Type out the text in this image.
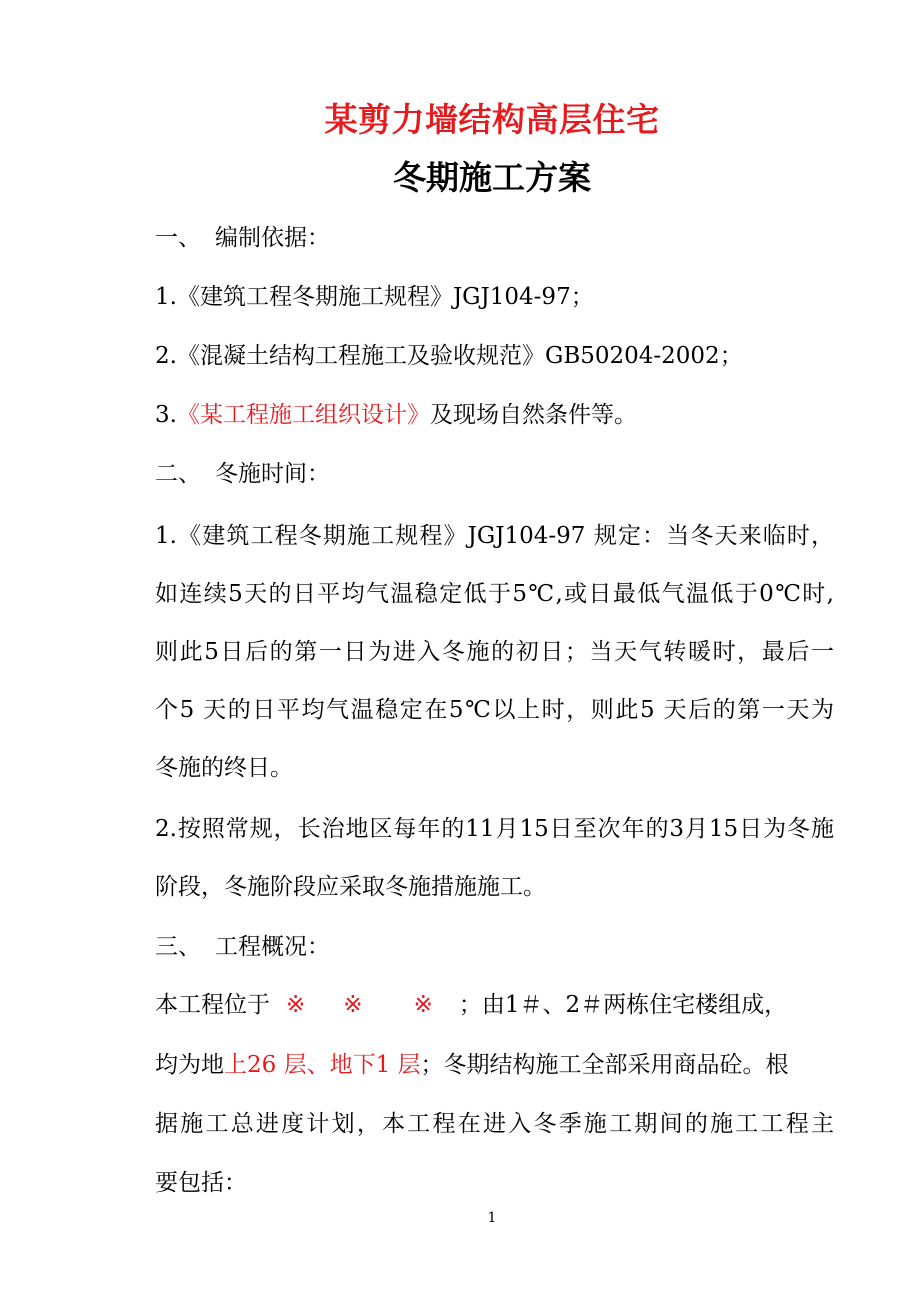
某剪力墙结构高层住宅
冬期施工方案
一、 编制依据：
1.《建筑工程冬期施工规程》JGJ104-97；
2.《混凝土结构工程施工及验收规范》GB50204-2002；
3.《某工程施工组织设计》及现场自然条件等。
二、 冬施时间：
1.《建筑工程冬期施工规程》JGJ104-97 规定：当冬天来临时，
如连续5天的日平均气温稳定低于5℃,或日最低气温低于0℃时,
则此5日后的第一日为进入冬施的初日；当天气转暖时，最后一
个5 天的日平均气温稳定在5℃以上时，则此5 天后的第一天为
冬施的终日。
2.按照常规，长治地区每年的11月15日至次年的3月15日为冬施
阶段，冬施阶段应采取冬施措施施工。
三、 工程概况：
本工程位于 ※ ※ ※ ；由1＃、2＃两栋住宅楼组成，
均为地上26 层、地下1 层；冬期结构施工全部采用商品砼。根
据施工总进度计划，本工程在进入冬季施工期间的施工工程主
要包括：
1
